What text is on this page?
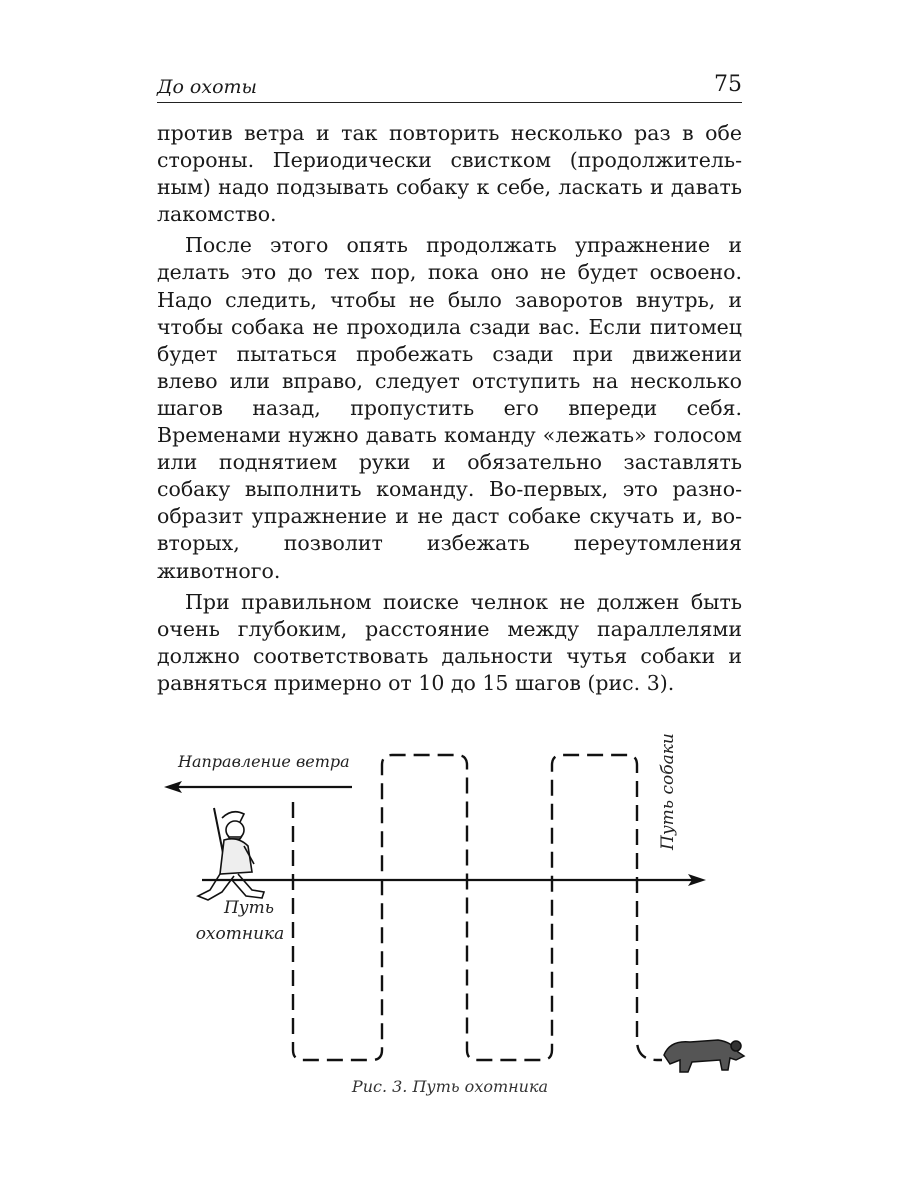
До охоты	75

против ветра и так повторить несколько раз в обе стороны. Периодически свистком (продолжительным) надо подзывать собаку к себе, ласкать и давать лакомство.

После этого опять продолжать упражнение и делать это до тех пор, пока оно не будет освоено. Надо следить, чтобы не было заворотов внутрь, и чтобы собака не проходила сзади вас. Если питомец будет пытаться пробежать сзади при движении влево или вправо, следует отступить на несколько шагов назад, пропустить его впереди себя. Временами нужно давать команду «лежать» голосом или поднятием руки и обязательно заставлять собаку выполнить команду. Во-первых, это разнообразит упражнение и не даст собаке скучать и, во-вторых, позволит избежать переутомления животного.

При правильном поиске челнок не должен быть очень глубоким, расстояние между параллелями должно соответствовать дальности чутья собаки и равняться примерно от 10 до 15 шагов (рис. 3).

Направление ветра	Путь собаки
Путь
охотника
Рис. 3. Путь охотника
